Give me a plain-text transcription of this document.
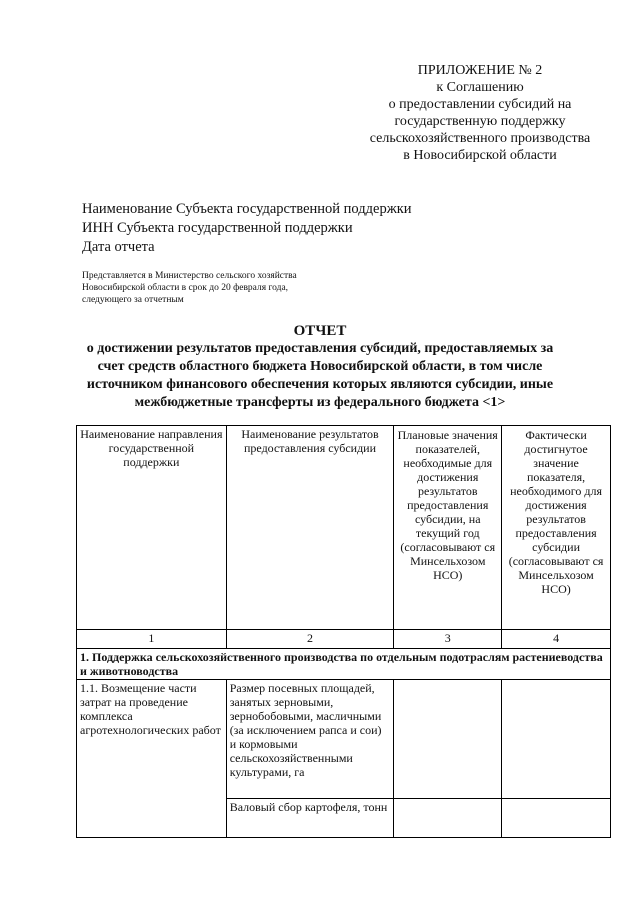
ПРИЛОЖЕНИЕ № 2
к Соглашению
о предоставлении субсидий на
государственную поддержку
сельскохозяйственного производства
в Новосибирской области
Наименование Субъекта государственной поддержки
ИНН Субъекта государственной поддержки
Дата отчета
Представляется в Министерство сельского хозяйства
Новосибирской области в срок до 20 февраля года,
следующего за отчетным
ОТЧЕТ
о достижении результатов предоставления субсидий, предоставляемых за
счет средств областного бюджета Новосибирской области, в том числе
источником финансового обеспечения которых являются субсидии, иные
межбюджетные трансферты из федерального бюджета <1>
Наименование направления государственной поддержки	Наименование результатов предоставления субсидии	Плановые значения показателей, необходимые для достижения результатов предоставления субсидии, на текущий год (согласовывают ся Минсельхозом НСО)	Фактически достигнутое значение показателя, необходимого для достижения результатов предоставления субсидии (согласовывают ся Минсельхозом НСО)
1	2	3	4
1. Поддержка сельскохозяйственного производства по отдельным подотраслям растениеводства и животноводства			
1.1. Возмещение части затрат на проведение комплекса агротехнологических работ	Размер посевных площадей, занятых зерновыми, зернобобовыми, масличными (за исключением рапса и сои) и кормовыми сельскохозяйственными культурами, га		
	Валовый сбор картофеля, тонн		
